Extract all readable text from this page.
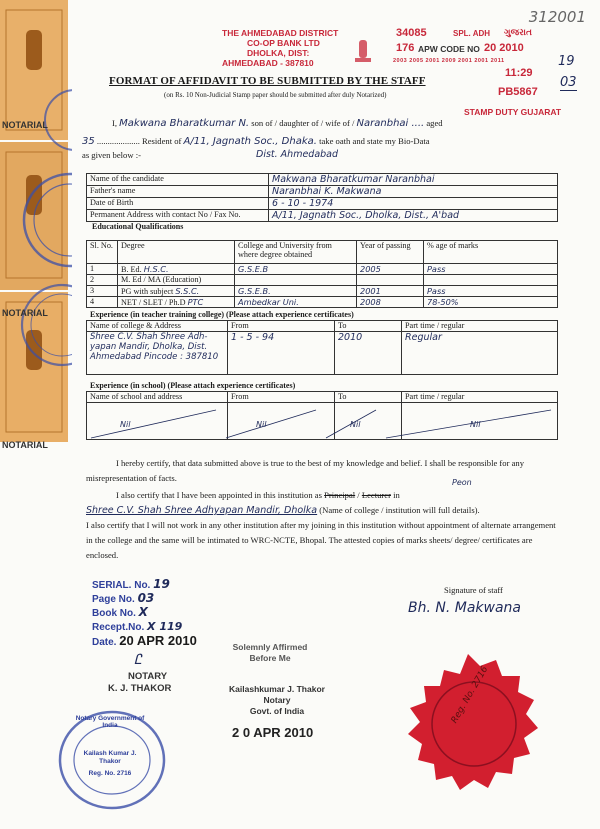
312001
NOTARIAL
NOTARIAL
NOTARIAL
THE AHMEDABAD DISTRICT
CO-OP BANK LTD
DHOLKA, DIST:
AHMEDABAD - 387810
34085	SPL. ADH ગુજરાત
176 APW CODE NO 20 2010
2003 2005 2001 2009 2001 2001 2011
11:29
PB5867
STAMP DUTY GUJARAT
19
03
FORMAT OF AFFIDAVIT TO BE SUBMITTED BY THE STAFF
(on Rs. 10 Non-Judicial Stamp paper should be submitted after duly Notarized)
I, Makwana Bharatkumar N. son of / daughter of / wife of / Naranbhai .... aged
35 .................... Resident of A/11, Jagnath Soc., Dhaka. take oath and state my Bio-Data
as given below :-	Dist. Ahmedabad
Name of the candidate	Makwana Bharatkumar Naranbhai
Father's name	Naranbhai K. Makwana
Date of Birth	6 - 10 - 1974
Permanent Address with contact No / Fax No.	A/11, Jagnath Soc., Dholka, Dist., A'bad
Educational Qualifications
Sl. No.	Degree	College and University from where degree obtained	Year of passing	% age of marks
1	B. Ed. H.S.C.	G.S.E.B	2005	Pass
2	M. Ed / MA (Education)			
3	PG with subject S.S.C.	G.S.E.B.	2001	Pass
4	NET / SLET / Ph.D PTC	Ambedkar Uni.	2008	78-50%
Experience (in teacher training college) (Please attach experience certificates)
Name of college & Address	From	To	Part time / regular
Shree C.V. Shah Shree Adh- yapan Mandir, Dholka, Dist. Ahmedabad Pincode : 387810	1 - 5 - 94	2010	Regular
Experience (in school) (Please attach experience certificates)
Name of school and address	From	To	Part time / regular

Nil	Nil	Nil	Nil
I hereby certify, that data submitted above is true to the best of my knowledge and belief. I shall be responsible for any misrepresentation of facts.	Peon
I also certify that I have been appointed in this institution as Principal / Lecturer in
Shree C.V. Shah Shree Adhyapan Mandir, Dholka (Name of college / institution will full details).
I also certify that I will not work in any other institution after my joining in this institution without appointment of alternate arrangement in the college and the same will be intimated to WRC-NCTE, Bhopal. The attested copies of marks sheets/ degree/ certificates are enclosed.
SERIAL. No. 19
Page No. 03
Book No. X
Recept.No. X 119
Date. 20 APR 2010
Ꮭ
NOTARY
K. J. THAKOR
Solemnly Affirmed
Before Me
Kailashkumar J. Thakor
Notary
Govt. of India
2 0 APR 2010
Signature of staff
Bh. N. Makwana
Reg. No. 2716
Notary Government of India
Kailash Kumar J. Thakor
Reg. No. 2716
